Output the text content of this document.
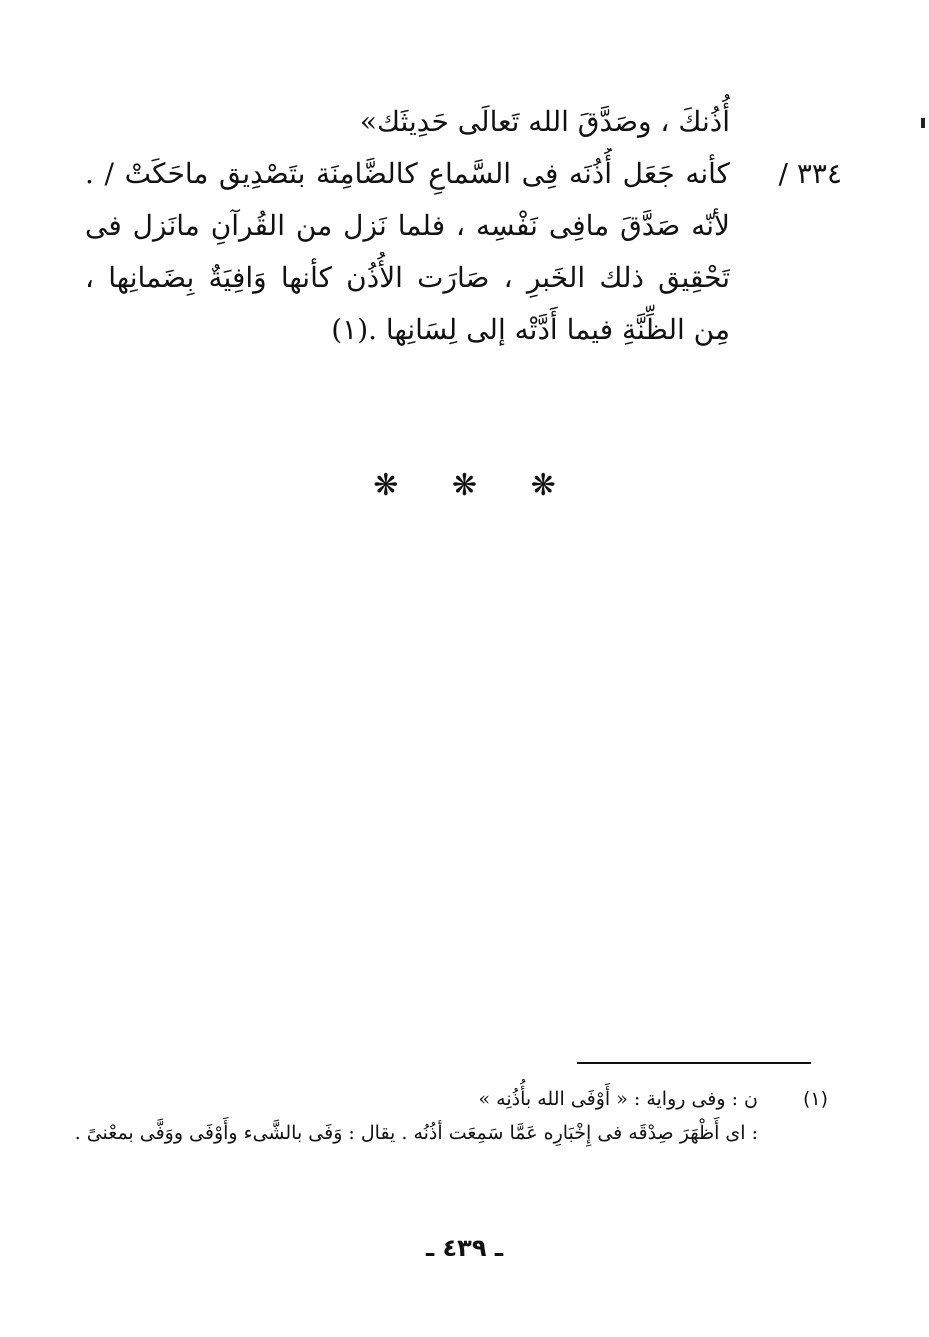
٣٣٤ /
أُذُنكَ ، وصَدَّقَ الله تَعالَى حَدِيثَك»
كأنه جَعَل أُذُنَه فِى السَّماعِ كالضَّامِنَة بتَصْدِيق ماحَكَتْ / .
لأنّه صَدَّقَ مافِى نَفْسِه ، فلما نَزل من القُرآنِ مانَزل فى
تَحْقِيق ذلك الخَبرِ ، صَارَت الأُذُن كأنها وَافِيَةٌ بِضَمانِها ،
مِن الظِّنَّةِ فيما أَدَّتْه إلى لِسَانِها .(١)
❋ ❋ ❋
(١)
ن : وفى رواية : « أَوْفَى الله بأُذُنِه »
: اى أَظْهَرَ صِدْقَه فى إِخْبَارِه عَمَّا سَمِعَت أذُنُه . يقال : وَفَى بالشَّىء وأَوْفَى ووَفَّى بمعْنىً .
ـ ٤٣٩ ـ
